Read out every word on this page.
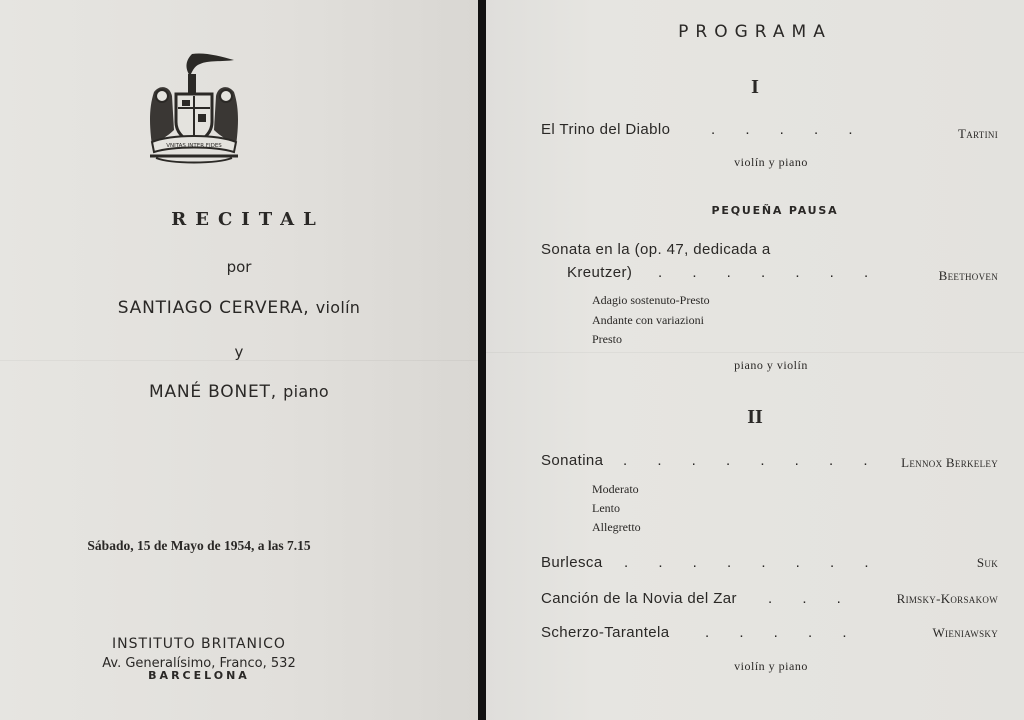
VNITAS INTER FIDES
RECITAL
por
SANTIAGO CERVERA, violín
y
MANÉ BONET, piano
Sábado, 15 de Mayo de 1954, a las 7.15
INSTITUTO BRITANICO
Av. Generalísimo, Franco, 532
BARCELONA
PROGRAMA
I
El Trino del Diablo	. . . . .	Tartini
violín y piano
PEQUEÑA PAUSA
Sonata en la (op. 47, dedicada a
Kreutzer) . . . . . . .	Beethoven
Adagio sostenuto-Presto
Andante con variazioni
Presto
piano y violín
II
Sonatina . . . . . . . . Lennox Berkeley
Moderato
Lento
Allegretto
Burlesca . . . . . . . .	Suk
Canción de la Novia del Zar . . .	Rimsky-Korsakow
Scherzo-Tarantela . . . . .	Wieniawsky
violín y piano
